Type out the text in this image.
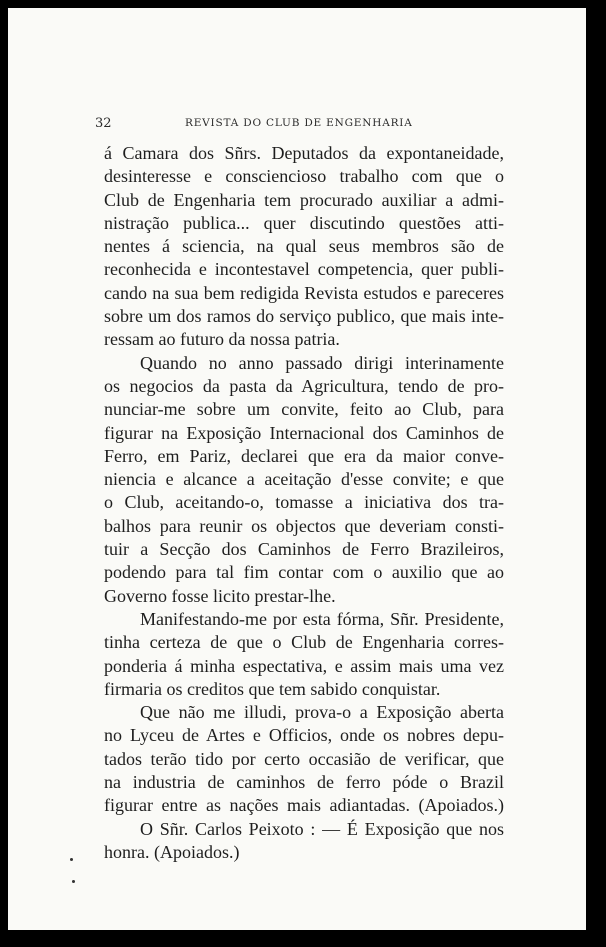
32	REVISTA DO CLUB DE ENGENHARIA
á Camara dos Sñrs. Deputados da expontaneidade,
desinteresse e consciencioso trabalho com que o
Club de Engenharia tem procurado auxiliar a admi-
nistração publica... quer discutindo questões atti-
nentes á sciencia, na qual seus membros são de
reconhecida e incontestavel competencia, quer publi-
cando na sua bem redigida Revista estudos e pareceres
sobre um dos ramos do serviço publico, que mais inte-
ressam ao futuro da nossa patria.
Quando no anno passado dirigi interinamente
os negocios da pasta da Agricultura, tendo de pro-
nunciar-me sobre um convite, feito ao Club, para
figurar na Exposição Internacional dos Caminhos de
Ferro, em Pariz, declarei que era da maior conve-
niencia e alcance a aceitação d'esse convite; e que
o Club, aceitando-o, tomasse a iniciativa dos tra-
balhos para reunir os objectos que deveriam consti-
tuir a Secção dos Caminhos de Ferro Brazileiros,
podendo para tal fim contar com o auxilio que ao
Governo fosse licito prestar-lhe.
Manifestando-me por esta fórma, Sñr. Presidente,
tinha certeza de que o Club de Engenharia corres-
ponderia á minha espectativa, e assim mais uma vez
firmaria os creditos que tem sabido conquistar.
Que não me illudi, prova-o a Exposição aberta
no Lyceu de Artes e Officios, onde os nobres depu-
tados terão tido por certo occasião de verificar, que
na industria de caminhos de ferro póde o Brazil
figurar entre as nações mais adiantadas. (Apoiados.)
O Sñr. Carlos Peixoto : — É Exposição que nos
honra. (Apoiados.)
